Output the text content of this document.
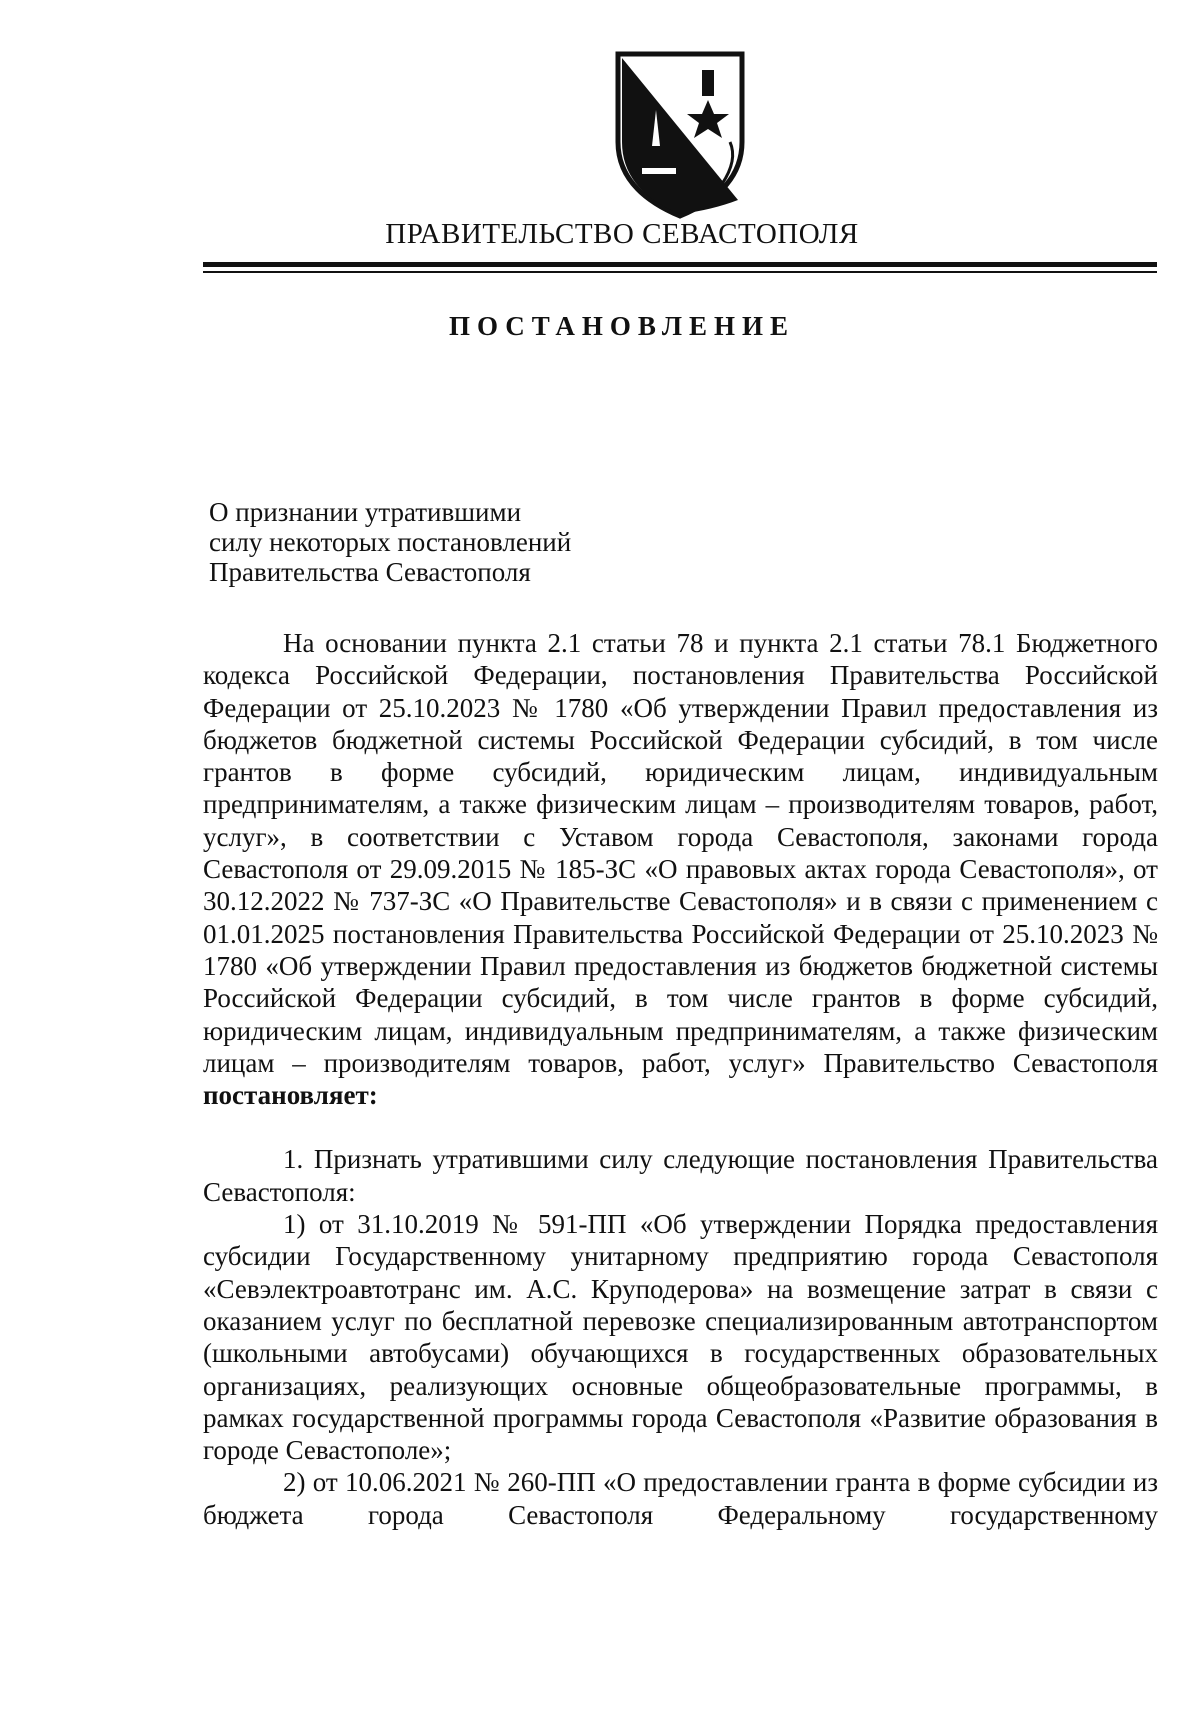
ПРАВИТЕЛЬСТВО СЕВАСТОПОЛЯ
ПОСТАНОВЛЕНИЕ
О признании утратившими
силу некоторых постановлений
Правительства Севастополя

На основании пункта 2.1 статьи 78 и пункта 2.1 статьи 78.1 Бюджетного кодекса Российской Федерации, постановления Правительства Российской Федерации от 25.10.2023 № 1780 «Об утверждении Правил предоставления из бюджетов бюджетной системы Российской Федерации субсидий, в том числе грантов в форме субсидий, юридическим лицам, индивидуальным предпринимателям, а также физическим лицам – производителям товаров, работ, услуг», в соответствии с Уставом города Севастополя, законами города Севастополя от 29.09.2015 № 185-ЗС «О правовых актах города Севастополя», от 30.12.2022 № 737-ЗС «О Правительстве Севастополя» и в связи с применением с 01.01.2025 постановления Правительства Российской Федерации от 25.10.2023 № 1780 «Об утверждении Правил предоставления из бюджетов бюджетной системы Российской Федерации субсидий, в том числе грантов в форме субсидий, юридическим лицам, индивидуальным предпринимателям, а также физическим лицам – производителям товаров, работ, услуг» Правительство Севастополя постановляет:

1. Признать утратившими силу следующие постановления Правительства Севастополя:

1) от 31.10.2019 № 591-ПП «Об утверждении Порядка предоставления субсидии Государственному унитарному предприятию города Севастополя «Севэлектроавтотранс им. А.С. Круподерова» на возмещение затрат в связи с оказанием услуг по бесплатной перевозке специализированным автотранспортом (школьными автобусами) обучающихся в государственных образовательных организациях, реализующих основные общеобразовательные программы, в рамках государственной программы города Севастополя «Развитие образования в городе Севастополе»;

2) от 10.06.2021 № 260-ПП «О предоставлении гранта в форме субсидии из бюджета города Севастополя Федеральному государственному
